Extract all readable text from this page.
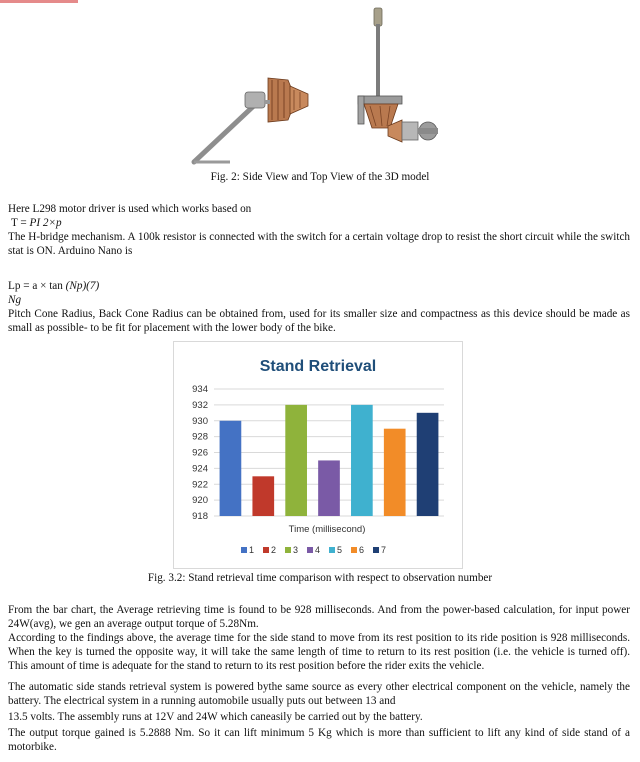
Fig. 2: Side View and Top View of the 3D model
Here L298 motor driver is used which works based on
T = PI 2×p
The H-bridge mechanism. A 100k resistor is connected with the switch for a certain voltage drop to resist the short circuit while the switch stat is ON. Arduino Nano is
Lp = a × tan (Np)(7)
Ng
Pitch Cone Radius, Back Cone Radius can be obtained from, used for its smaller size and compactness as this device should be made as small as possible- to be fit for placement with the lower body of the bike.
Stand Retrieval
918
920
922
924
926
928
930
932
934
Time (millisecond)
1 2 3 4 5 6 7
Fig. 3.2: Stand retrieval time comparison with respect to observation number
From the bar chart, the Average retrieving time is found to be 928 milliseconds. And from the power-based calculation, for input power 24W(avg), we gen an average output torque of 5.28Nm.
According to the findings above, the average time for the side stand to move from its rest position to its ride position is 928 milliseconds. When the key is turned the opposite way, it will take the same length of time to return to its rest position (i.e. the vehicle is turned off). This amount of time is adequate for the stand to return to its rest position before the rider exits the vehicle.
The automatic side stands retrieval system is powered bythe same source as every other electrical component on the vehicle, namely the battery. The electrical system in a running automobile usually puts out between 13 and
13.5 volts. The assembly runs at 12V and 24W which caneasily be carried out by the battery.
The output torque gained is 5.2888 Nm. So it can lift minimum 5 Kg which is more than sufficient to lift any kind of side stand of a motorbike.
